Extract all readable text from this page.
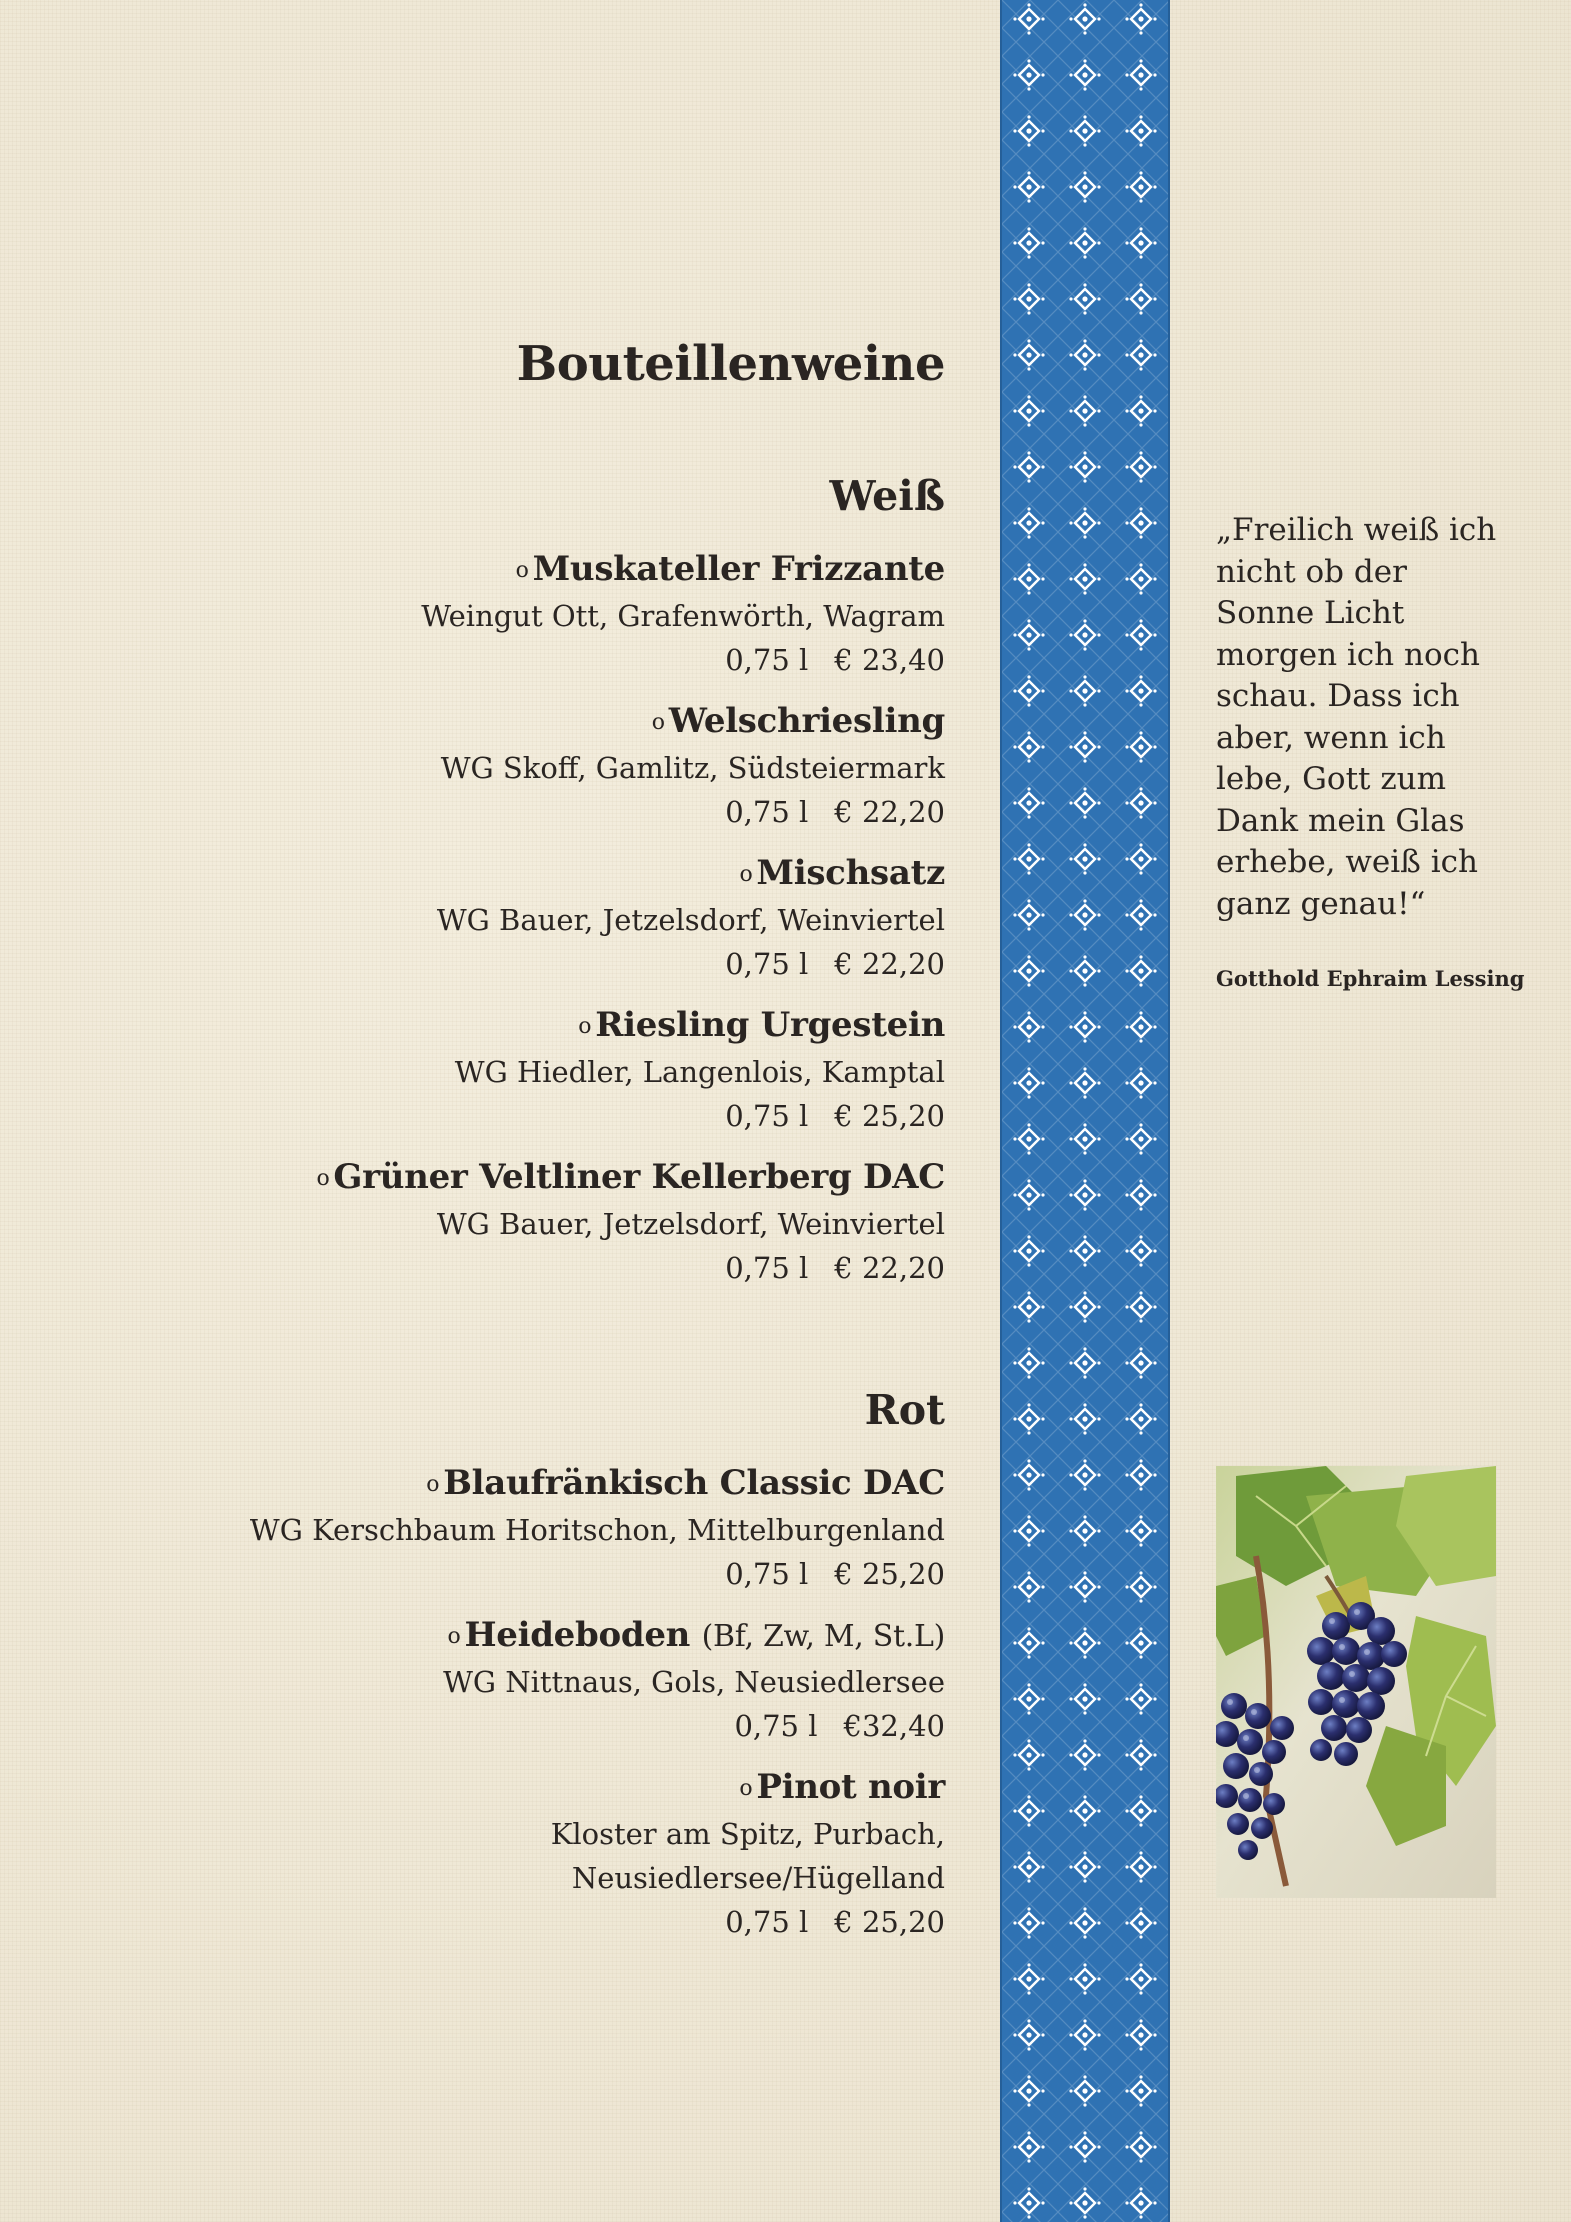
Bouteillenweine
Weiß
o Muskateller Frizzante
Weingut Ott, Grafenwörth, Wagram
0,75 l € 23,40
o Welschriesling
WG Skoff, Gamlitz, Südsteiermark
0,75 l € 22,20
o Mischsatz
WG Bauer, Jetzelsdorf, Weinviertel
0,75 l € 22,20
o Riesling Urgestein
WG Hiedler, Langenlois, Kamptal
0,75 l € 25,20
o Grüner Veltliner Kellerberg DAC
WG Bauer, Jetzelsdorf, Weinviertel
0,75 l € 22,20
Rot
o Blaufränkisch Classic DAC
WG Kerschbaum Horitschon, Mittelburgenland
0,75 l € 25,20
o Heideboden (Bf, Zw, M, St.L)
WG Nittnaus, Gols, Neusiedlersee
0,75 l €32,40
o Pinot noir
Kloster am Spitz, Purbach,
Neusiedlersee/Hügelland
0,75 l € 25,20
„Freilich weiß ich
nicht ob der
Sonne Licht
morgen ich noch
schau. Dass ich
aber, wenn ich
lebe, Gott zum
Dank mein Glas
erhebe, weiß ich
ganz genau!“
Gotthold Ephraim Lessing
